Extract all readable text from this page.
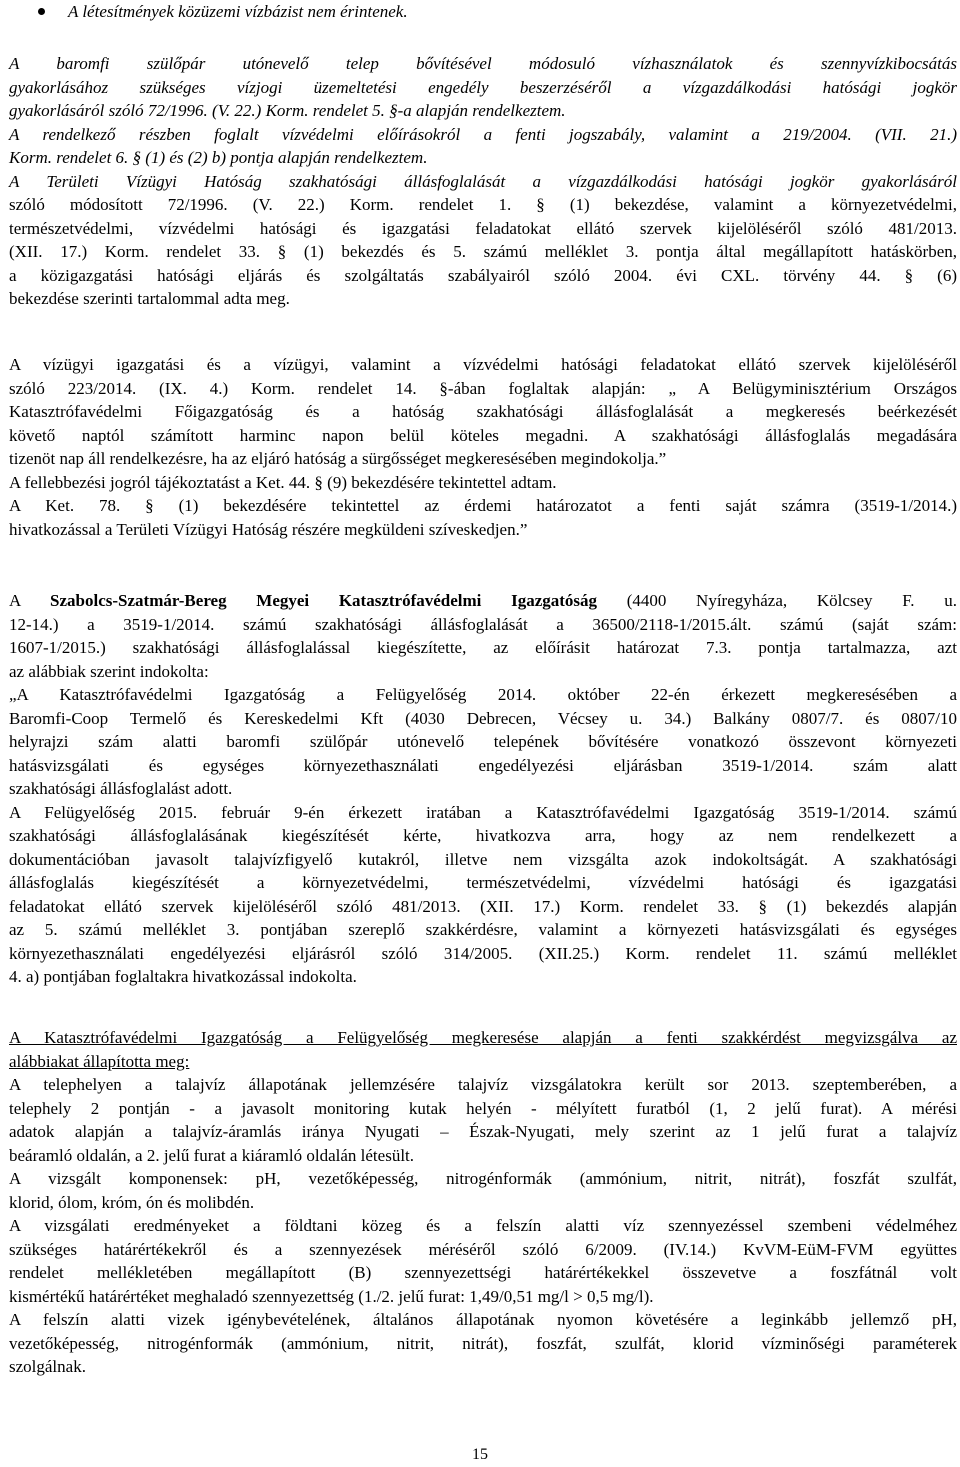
A létesítmények közüzemi vízbázist nem érintenek.
A baromfi szülőpár utónevelő telep bővítésével módosuló vízhasználatok és szennyvízkibocsátás
gyakorlásához szükséges vízjogi üzemeltetési engedély beszerzéséről a vízgazdálkodási hatósági jogkör
gyakorlásáról szóló 72/1996. (V. 22.) Korm. rendelet 5. §-a alapján rendelkeztem.
A rendelkező részben foglalt vízvédelmi előírásokról a fenti jogszabály, valamint a 219/2004. (VII. 21.)
Korm. rendelet 6. § (1) és (2) b) pontja alapján rendelkeztem.
A Területi Vízügyi Hatóság szakhatósági állásfoglalását a vízgazdálkodási hatósági jogkör gyakorlásáról
szóló módosított 72/1996. (V. 22.) Korm. rendelet 1. § (1) bekezdése, valamint a környezetvédelmi,
természetvédelmi, vízvédelmi hatósági és igazgatási feladatokat ellátó szervek kijelöléséről szóló 481/2013.
(XII. 17.) Korm. rendelet 33. § (1) bekezdés és 5. számú melléklet 3. pontja által megállapított hatáskörben,
a közigazgatási hatósági eljárás és szolgáltatás szabályairól szóló 2004. évi CXL. törvény 44. § (6)
bekezdése szerinti tartalommal adta meg.
A vízügyi igazgatási és a vízügyi, valamint a vízvédelmi hatósági feladatokat ellátó szervek kijelöléséről
szóló 223/2014. (IX. 4.) Korm. rendelet 14. §-ában foglaltak alapján: „ A Belügyminisztérium Országos
Katasztrófavédelmi Főigazgatóság és a hatóság szakhatósági állásfoglalását a megkeresés beérkezését
követő naptól számított harminc napon belül köteles megadni. A szakhatósági állásfoglalás megadására
tizenöt nap áll rendelkezésre, ha az eljáró hatóság a sürgősséget megkeresésében megindokolja.”
A fellebbezési jogról tájékoztatást a Ket. 44. § (9) bekezdésére tekintettel adtam.
A Ket. 78. § (1) bekezdésére tekintettel az érdemi határozatot a fenti saját számra (3519-1/2014.)
hivatkozással a Területi Vízügyi Hatóság részére megküldeni szíveskedjen.”
A Szabolcs-Szatmár-Bereg Megyei Katasztrófavédelmi Igazgatóság (4400 Nyíregyháza, Kölcsey F. u.
12-14.) a 3519-1/2014. számú szakhatósági állásfoglalását a 36500/2118-1/2015.ált. számú (saját szám:
1607-1/2015.) szakhatósági állásfoglalással kiegészítette, az előírásit határozat 7.3. pontja tartalmazza, azt
az alábbiak szerint indokolta:
„A Katasztrófavédelmi Igazgatóság a Felügyelőség 2014. október 22-én érkezett megkeresésében a
Baromfi-Coop Termelő és Kereskedelmi Kft (4030 Debrecen, Vécsey u. 34.) Balkány 0807/7. és 0807/10
helyrajzi szám alatti baromfi szülőpár utónevelő telepének bővítésére vonatkozó összevont környezeti
hatásvizsgálati és egységes környezethasználati engedélyezési eljárásban 3519-1/2014. szám alatt
szakhatósági állásfoglalást adott.
A Felügyelőség 2015. február 9-én érkezett iratában a Katasztrófavédelmi Igazgatóság 3519-1/2014. számú
szakhatósági állásfoglalásának kiegészítését kérte, hivatkozva arra, hogy az nem rendelkezett a
dokumentációban javasolt talajvízfigyelő kutakról, illetve nem vizsgálta azok indokoltságát. A szakhatósági
állásfoglalás kiegészítését a környezetvédelmi, természetvédelmi, vízvédelmi hatósági és igazgatási
feladatokat ellátó szervek kijelöléséről szóló 481/2013. (XII. 17.) Korm. rendelet 33. § (1) bekezdés alapján
az 5. számú melléklet 3. pontjában szereplő szakkérdésre, valamint a környezeti hatásvizsgálati és egységes
környezethasználati engedélyezési eljárásról szóló 314/2005. (XII.25.) Korm. rendelet 11. számú melléklet
4. a) pontjában foglaltakra hivatkozással indokolta.
A Katasztrófavédelmi Igazgatóság a Felügyelőség megkeresése alapján a fenti szakkérdést megvizsgálva az
alábbiakat állapította meg:
A telephelyen a talajvíz állapotának jellemzésére talajvíz vizsgálatokra került sor 2013. szeptemberében, a
telephely 2 pontján - a javasolt monitoring kutak helyén - mélyített furatból (1, 2 jelű furat). A mérési
adatok alapján a talajvíz-áramlás iránya Nyugati – Észak-Nyugati, mely szerint az 1 jelű furat a talajvíz
beáramló oldalán, a 2. jelű furat a kiáramló oldalán létesült.
A vizsgált komponensek: pH, vezetőképesség, nitrogénformák (ammónium, nitrit, nitrát), foszfát szulfát,
klorid, ólom, króm, ón és molibdén.
A vizsgálati eredményeket a földtani közeg és a felszín alatti víz szennyezéssel szembeni védelméhez
szükséges határértékekről és a szennyezések méréséről szóló 6/2009. (IV.14.) KvVM-EüM-FVM együttes
rendelet mellékletében megállapított (B) szennyezettségi határértékekkel összevetve a foszfátnál volt
kismértékű határértéket meghaladó szennyezettség (1./2. jelű furat: 1,49/0,51 mg/l > 0,5 mg/l).
A felszín alatti vizek igénybevételének, általános állapotának nyomon követésére a leginkább jellemző pH,
vezetőképesség, nitrogénformák (ammónium, nitrit, nitrát), foszfát, szulfát, klorid vízminőségi paraméterek
szolgálnak.
15
